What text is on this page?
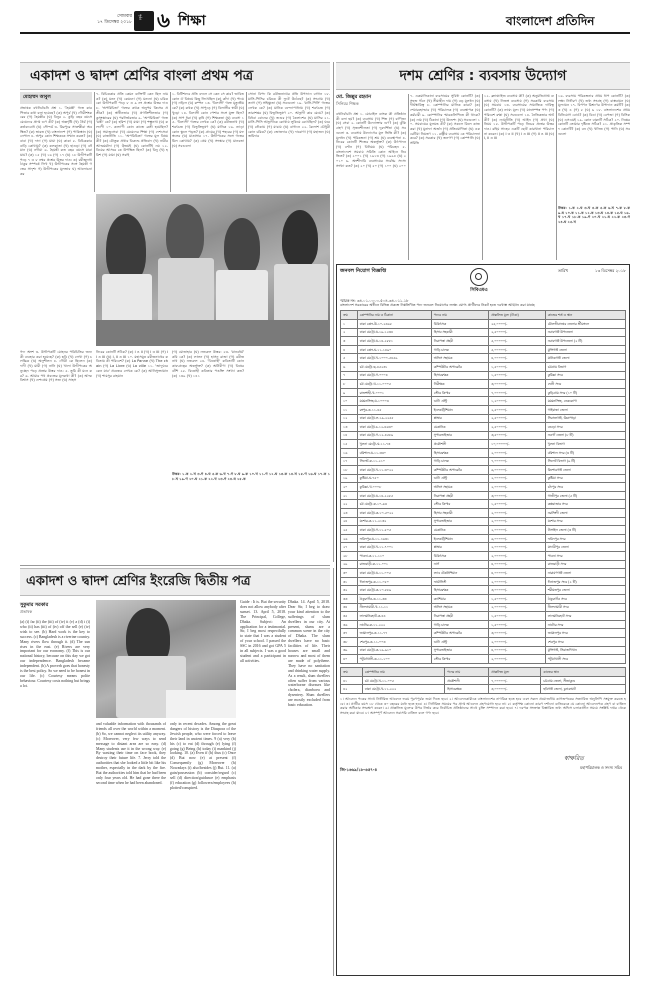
সোমবার
১৭ ডিসেম্বর ২০১৮
পৃষ্ঠা ৬ শিক্ষা	বাংলাদেশ প্রতিদিন
একাদশ ও দ্বাদশ শ্রেণির বাংলা প্রথম পত্র
মোহাম্মদ আবুল
প্রভাষক বহুনির্বাচনি প্রশ্ন ১. 'হৈমন্তী' গল্পে কার পিতার কথা বলা হয়েছে? (ক) অপুর্ব (খ) গৌরীশংকরের (গ) হৈমন্তীর (ঘ) বিনুর ২. কুড়ি বছর বয়সে মেয়েদের প্রাপ্ত গুণ কী? (ক) অন্তর্দৃষ্টি (খ) ধৈর্য (গ) কর্তব্যবোধ (ঘ) সৌন্দর্য ৩. মিরপুরে সাতক্ষীরা অবস্থিত? (ক) ভারত (খ) বাংলাদেশ (গ) পাকিস্তান (ঘ) নেপাল ৪. অপুর কোন শিক্ষককে সম্মান করত? (ক) বাবা (খ) দাদা (গ) মামা (ঘ) কাকা ৫. বিচিত্রকার বাড়ি কোথায়? (ক) কলকাতা (খ) হাওড়া (গ) বর্ধমান (ঘ) নদীয়া ৬. হৈমন্তী কত বছর বয়সে মারা যায়? (ক) ১৫ (খ) ১৬ (গ) ১৭ (ঘ) ১৮ উদ্দীপকটি পড়ে ৭ ও ৮ নম্বর প্রশ্নের উত্তর দাও: ক) রবীন্দ্রনাথ ঠাকুর সম্পর্কে লিখ খ) উদ্দীপকের সঙ্গে হৈমন্তী গল্পের সাদৃশ্য গ) উদ্দীপকের মূলভাব ঘ) আলোচনা কর
৭. বিচিত্রকার প্রতি কেমন ব্যক্তিটি কেন ছিল নামক? (ক) মনন (খ) কেমনো (গ) মননো (ঘ) চরিত্রকো উদ্দীপকটি পড়ে ৮ ও ৯ নং প্রশ্নের উত্তর দাও ৮. 'অপরিচিতা' গল্পের কথক অনুপম কিসের প্রতীক? (ক) স্বাধীনতার (খ) প্রগতিশীলতার (গ) কুসংস্কারের (ঘ) পরনির্ভরতার ৯. 'অপরিচিতা' গল্পে 'মন্ত্রী' কে? (ক) হরিশ (খ) মামা (গ) শম্ভুনাথ (ঘ) কল্যাণী ১০. কল্যাণী কোন কাজে ব্রতী হয়েছিল? (ক) সমাজসেবা (খ) মেয়েদের শিক্ষা (গ) দেশসেবা (ঘ) রাজনীতি ১১. 'অপরিচিতা' গল্পের মূল বিষয় কী? (ক) যৌতুক প্রথার বিরুদ্ধে প্রতিবাদ (খ) নারীর আত্মমর্যাদা (গ) উভয়ই (ঘ) কোনটিই নয় ১২. বিয়ের আসরে কে উপস্থিত ছিল? (ক) বিনু (খ) হরিশ (গ) মামা (ঘ) সবাই
১. বিটিশদের প্রতি বদলে সে কেন সে কার? ভাবিত কোন ঐ বিষয়ে কিছু লিখেছিল (ক) কাঁদা (খ) পায়ে (গ) নড়িল (ঘ) কম্পন ১৩. 'বিলাসী' গল্পে মৃত্যুঞ্জয় কে? (ক) কথক (খ) সাপুড়ে (গ) বিলাসীর স্বামী (ঘ) খুড়ো ১৪. বিলাসী কোন পেশার সঙ্গে যুক্ত ছিল? (ক) সাপ ধরা (খ) কৃষি (গ) শিক্ষকতা (ঘ) ব্যবসা ১৫. 'বিলাসী' গল্পের লেখক কে? (ক) রবীন্দ্রনাথ (খ) শরৎচন্দ্র (গ) বিভূতিভূষণ (ঘ) মানিক ১৬. ন্যাড়া কোন স্কুলে পড়ত? (ক) গ্রামের (খ) শহরের (গ) মফস্বলের (ঘ) মাদ্রাসার ১৭. উদ্দীপকের সঙ্গে গল্পের মিল কোথায়? (ক) প্রেম (খ) সংস্কার (গ) মানবতা (ঘ) সবগুলো
সোনা বিপদ কি রবীন্দ্রনাথের প্রতি উপাদান বাগান ১৮. মাসি-পিসির চরিত্রে কী ফুটে উঠেছে? (ক) সংগ্রাম (খ) ত্যাগ (গ) সহিষ্ণুতা (ঘ) সবগুলো ১৯. 'মাসি-পিসি' গল্পের লেখক কে? (ক) মানিক বন্দ্যোপাধ্যায় (খ) শরৎচন্দ্র (গ) তারাশঙ্কর (ঘ) বিভূতিভূষণ ২০. আহ্লাদী কার মেয়ে? (ক) বিধবা বোনের (খ) জগুর (গ) কৈলাশের (ঘ) মাসির ২১. মাসি-পিসি আহ্লাদীকে কোথায় লুকিয়ে রেখেছিল? (ক) ঘরে (খ) নৌকায় (গ) মাচায় (ঘ) বাগানে ২২. কৈলাশ চৌধুরী কোন চরিত্র? (ক) জোতদার (খ) দারোগা (গ) মহাজন (ঘ) জমিদার
গদ্য অংশ ৩. উদ্দীপকটি মোহনর পরিচিতির জন্য কী ব্যবহার করা হয়েছে? (ক) ছবি (খ) লেখা (গ) চলচ্চিত্র (ঘ) অনুশীলন ৪. গৌরী কে ছিলেন (ক) দাদী (খ) মামী (গ) নানি (ঘ) খালা উদ্দীপকের অনুচ্ছেদ পড়ে প্রশ্নের উত্তর দাও: ৫. তুমি কী মনে কর? ৬. আমার পথ প্রবন্ধের মূলকথা কী? (ক) আত্মবিশ্বাস (খ) দেশপ্রেম (গ) সত্য (ঘ) সাহস
নিচের কোনটি সঠিক? (ক) i ও ii (খ) i ও iii (গ) ii ও iii (ঘ) i, ii ও iii ১০. মহাসমুদ্র রবীন্দ্রনাথের কবিতায় কী পরিবেশ? (ক) La Panne (খ) The chain (গ) La Livre (ঘ) La ville ১১. 'জাদুঘরে কেন যাব' প্রবন্ধের লেখক কে? (ক) আনিসুজ্জামান (খ) শামসুর রাহমান
(গ) মোতাহার (ঘ) নজরুল উত্তর: ২৩. 'মানবধর্ম' কবি কে? (ক) লালন (খ) হাসন রাজা (গ) রবীন্দ্রনাথ (ঘ) নজরুল ২৪. 'বিদ্রোহী' কবিতাটি কোন কাব্যগ্রন্থের অন্তর্ভুক্ত? (ক) অগ্নিবীণা (খ) বিষের বাঁশি ২৫. বিদ্রোহী কবিতার পঙক্তি সংখ্যা কত? (ক) ১৩৯ (খ) ১৪১
উত্তর: ১.ক ২.খ ৩.গ ৪.ঘ ৫.ক ৬.খ ৭.গ ৮.ঘ ৯.ক ১০.খ ১১.গ ১২.ঘ ১৩.ক ১৪.খ ১৫.গ ১৬.ঘ ১৭.ক ১৮.খ ১৯.গ ২০.ঘ ২১.ক ২২.খ ২৩.গ ২৪.ঘ ২৫.ক
একাদশ ও দ্বাদশ শ্রেণির ইংরেজি দ্বিতীয় পত্র
সুকুমার সরকার
প্রভাষক
(a) (i) far (ii) the (iii) of (iv) it (v) a (d) i (i) who (ii) has (iii) of (iv) off the sell (e) (iv) wish to see. (b) Hard work is the key to success. (c) Bangladesh is a riverine country. Many rivers flow through it. (d) The sun rises in the east. (e) Rivers are very important for our economy. (f) This is our national history, because on this day we got our independence. Bangladesh became independent. (b) A proverb goes that honesty is the best policy. So we need to be honest in our life. (c) Courtesy means polite behaviour. Courtesy costs nothing but brings a lot.
and valuable information with thousands of friends all over the world within a moment. (b) So, we cannot neglect its utility anyway. (c) Moreover, very few ways to send message to distant area are so easy. (d) Many students use it in the wrong way. (e) By wasting their time on face book, they destroy their future life. 7. Jerry told the authorities that she looked a little bit like his mother, especially in the dark by the fire. But the authorities told him that he had been only four years old. He had gone there the second time when he had been abandoned.
only in recent decades. Among the great dangers of history is the Diaspora of the Jewish people, who were forced to leave their land in ancient times. 9 (a) very (b) his (c) to eat (d) through (e) lying (f) going (g) Being (h) today (i) mankind (j) looking. 10. (a) Even if (b) thus (c) Once (d) But now (e) at present (f) Consequently (g) Moreover (h) Nowadays (i) also/besides (j) But. 11. (a) gain/possession (b) consider/regard (c) sell (d) direction/guidance (e) emphasis (f) education (g) followers/employees (h) plotted/conspired.
Guide : It is. But the security does not allow anybody after sunset. 13. April 5, 2018. The Principal, College, Dhaka. Subject: An application for a testimonial. Sir, I beg most respectfully to state that I was a student of your school. I passed the SSC in 2016 and got GPA 5 in all subjects. I was a good student and a participant in all activities.
Dhaka. 14. April 5, 2018. Dear Sir, I beg to draw your kind attention to the sufferings of slum dwellers in our city. At present, slums are a common scene in the city of Dhaka. The slum dwellers have no basic facilities of life. Their houses are small and narrow and most of them are made of polythene. They have no sanitation and drinking water supply. As a result, slum dwellers often suffer from various waterborne diseases like cholera, diarrhoea and dysentery. Slum dwellers are mostly excluded from basic education.
দশম শ্রেণির : ব্যবসায় উদ্যোগ
মো. জিল্লুর রহমান
সিনিয়র শিক্ষক
বহুনির্বাচনি প্রশ্ন ১. মোবাইল ব্যাংক কী প্রতিষ্ঠান কী বলা হয়? (ক) ব্যবসায় (খ) শিল্প (গ) বাণিজ্য (ঘ) সেবা ২. কোনটি উদ্যোক্তার গুণ? (ক) ঝুঁকি গ্রহণ (খ) সৃজনশীলতা (গ) দূরদর্শিতা (ঘ) সবগুলো ৩. ব্যবসায় উদ্যোগের মূল ভিত্তি কী? (ক) মূলধন (খ) পরিকল্পনা (গ) শ্রম (ঘ) ব্যবস্থাপনা ৪. নিচের কোনটি শিল্পের অন্তর্ভুক্ত? (ক) উৎপাদন (খ) বণ্টন (গ) বিনিময় (ঘ) পরিবহন ৫. বাংলাদেশে সমবায় সমিতি কোন আইনে নিবন্ধিত? (ক) ২০০১ (খ) ১৯১৩ (গ) ১৯৯৪ (ঘ) ২০১০ ৬. অংশীদারি ব্যবসায়ের সর্বোচ্চ সদস্য সংখ্যা কত? (ক) ২০ (খ) ৫০ (গ) ১০০ (ঘ) ২০০
৭. একমালিকানা ব্যবসায়ের সুবিধা কোনটি? (ক) সহজ গঠন (খ) সীমাহীন দায় (গ) বড় মূলধন (ঘ) দীর্ঘস্থায়িত্ব ৮. কোম্পানির মালিক কারা? (ক) শেয়ারহোল্ডার (খ) পরিচালক (গ) ব্যবস্থাপক (ঘ) কর্মচারী ৯. কোম্পানির স্মারকলিপিতে কী থাকে? (ক) নাম (খ) ঠিকানা (গ) উদ্দেশ্য (ঘ) সবগুলো ১০. সমবায়ের মূলমন্ত্র কী? (ক) সকলে মিলে কাজ করা (খ) মুনাফা অর্জন (গ) প্রতিযোগিতা (ঘ) একচেটিয়া নিয়ন্ত্রণ ১১. রাষ্ট্রীয় ব্যবসায় কে পরিচালনা করে? (ক) সরকার (খ) জনগণ (গ) কোম্পানি (ঘ) সমিতি
১২. ফ্র্যাঞ্চাইজ ব্যবসায় কী? (ক) অনুমতিপ্রাপ্ত ব্যবসায় (খ) নিজস্ব ব্যবসায় (গ) সরকারি ব্যবসায় (ঘ) সমবায় ১৩. ব্যবসায়ের সামাজিক দায়িত্ব কোনটি? (ক) ন্যায্য মূল্য (খ) মানসম্পন্ন পণ্য (গ) পরিবেশ রক্ষা (ঘ) সবগুলো ১৪. নৈতিকতার অর্থ কী? (ক) ন্যায়নীতি (খ) আইন (গ) প্রথা (ঘ) নিয়ম ১৫. উদ্দীপকটি পড়ে নিচের প্রশ্নের উত্তর দাও। রহিম সাহেব একটি ছোট কারখানা পরিচালনা করেন। (ক) i ও ii (খ) i ও iii (গ) ii ও iii (ঘ) i, ii ও iii
১৬. ব্যবসায় পরিকল্পনার প্রথম ধাপ কোনটি? (ক) লক্ষ্য নির্ধারণ (খ) তথ্য সংগ্রহ (গ) বাস্তবায়ন (ঘ) মূল্যায়ন ১৭. বিপণন মিশ্রণের উপাদান কয়টি? (ক) ৩ (খ) ৪ (গ) ৫ (ঘ) ৬ ১৮. বাংলাদেশের প্রথম বিনিয়োগ বোর্ড? (ক) বিডা (খ) বেপজা (গ) বিসিক (ঘ) এসএমই ১৯. কোন বাক্যটি সঠিক? ২০. নিম্নের কোনটি তোমার দৃষ্টিতে সঠিক? ২১. প্রাকৃতিক সম্পদ কোনটি? (ক) বন (খ) খনিজ (গ) পানি (ঘ) সবগুলো
উত্তর: ১.ক ২.ঘ ৩.খ ৪.ক ৫.ক ৬.খ ৭.ক ৮.ক ৯.ঘ ১০.ক ১১.ক ১২.ক ১৩.ঘ ১৪.ক ১৫.ঘ ১৬.খ ১৭.খ ১৮.ক ১৯.গ ২০.খ ২১.ঘ ২২.ক ২৩.গ ২৪.ঘ ২৫.খ
সিবিএমএ
জনবল নিয়োগ বিজ্ঞপ্তি	তারিখ	১৩ ডিসেম্বর ২০১৮
স্মারক নং: ৩৪.০১.০০০০.৫০৪.৩৪.০১১.১৮
বাংলাদেশ সরকারের অধীনে বিভিন্ন প্রকল্পে নিম্নলিখিত পদে জনবল নিয়োগের লক্ষ্যে যোগ্য প্রার্থীদের নিকট হতে দরখাস্ত আহ্বান করা যাচ্ছে
ক্রম	কোম্পানির নাম ও ঠিকানা	পদের নাম	প্রাক্কলিত মূল্য (টাকা)	কাজের শর্ত ও স্থান
১	ঢাকা কোং-উ-১০-২৪৬৫	চিকিৎসক	২৫,০০০০/-	মৌলভীবাজার জেলার শ্রীমঙ্গলে
২	ঢাকা মেট্রো-ঘ-১৯-১২৩৪	হিসাব সহকারী	২,৫০০০০/-	নবাবগঞ্জ উপজেলা
৩	ঢাকা মেট্রো-ঘ-১৪-২৮৮১	নিরাপত্তা প্রহরী	৫,০০০০০/-	নবাবগঞ্জ উপজেলা (২ টি)
৪	ঢাকা কোং-ঘ-১১-১৪৯০	গাড়ি চালক	৫,০০০০০/-	মুন্সিগঞ্জ জেলা
৫	ঢাকা মেট্রো-খ-১০০০-৫৪৫৯	অফিস সহায়ক	৪,০০০০০/-	মানিকগঞ্জ জেলা
৬	চট্ট মেট্রো-ছ-৪৫২৩১	কম্পিউটার অপারেটর	১,৫০০০০/-	চট্টগ্রাম বিভাগ
৭	ঢাকা মেট্রো-গ-০০০৪	হিসাবরক্ষক	১,৫০০০০/-	কুমিল্লা সদর
৮	চট্ট মেট্রো-থ-১১-০০০৫	নিরীক্ষক	৩,০০০০০/-	ফেনী সদর
৯	রাজশাহী-খ-০০০১	স্টোর কিপার	৭,০০০০০/-	কুড়িগ্রাম সদর (১০ টি)
১০	ময়মনসিংহ-ঘ-১০০০৩	ডাটা এন্ট্রি	১,২০০০০/-	ময়মনসিংহ, নেত্রকোণা
১১	রংপুর-ক-১১-৪৫	ইলেকট্রিশিয়ান	২,৫০০০০/-	গাইবান্ধা জেলা
১২	ঢাকা মেট্রো-ল-১৯-২২৫৫	প্লাম্বার	২,৫০০০০/-	সিরাজগঞ্জ, উল্লাপাড়া
১৩	ঢাকা মেট্রো-চ-১২-৪৬৩০	মেকানিক	২,৫০০০০/-	বগুড়া সদর
১৪	ঢাকা মেট্রো-গ-১২-৪৫৮৯	সুপারভাইজার	৩,৫০০০০/-	নওগাঁ জেলা (৮ টি)
১৫	খুলনা মেট্রো-ঘ-১১-৭৩	প্রকৌশলী	১০,০০০০০/-	খুলনা বিভাগ
১৬	বরিশাল-ঘ-১১-৩৩০	হিসাবরক্ষক	২,০০০০০/-	বরিশাল সদর (৩ টি)
১৭	সিলেট-ক-১১-২১০	গাড়ি চালক	৭,০০০০০/-	সিলেট বিভাগ (৯ টি)
১৮	ঢাকা মেট্রো-খ-১১-৩০২২	কম্পিউটার অপারেটর	৬,০০০০০/-	কিশোরগঞ্জ জেলা
১৯	কুষ্টিয়া-ঘ-৭৫০	ডাটা এন্ট্রি	২,০০০০০/-	কুষ্টিয়া সদর
২০	কুমিল্লা-খ-০০০৮	অফিস সহায়ক	২,০০০০০/-	চাঁদপুর সদর
২১	ঢাকা মেট্রো-ঘ-১৪-২২৮৫	নিরাপত্তা প্রহরী	৩,০০০০০/-	গাজীপুর জেলা (৫ টি)
২২	চট্ট মেট্রো-ক-১০-৯৩	স্টোর কিপার	১,৫০০০০/-	কক্সবাজার সদর
২৩	ঢাকা মেট্রো-ক-১০-৫০২২	হিসাব সহকারী	২,০০০০০/-	নরসিংদী জেলা
২৪	যশোর-ক-১১-২১৩২	সুপারভাইজার	২,০০০০০/-	যশোর সদর
২৫	ঢাকা মেট্রো-গ-১১-৫০৫	মেকানিক	২,০০০০০/-	টাঙ্গাইল জেলা (৩ টি)
২৬	ফরিদপুর-ঘ-১১-১৬৩১	ইলেকট্রিশিয়ান	৬,০০০০০/-	ফরিদপুর সদর
২৭	ঢাকা মেট্রো-খ-১১-৭০০১	প্লাম্বার	২,০০০০০/-	মাদারীপুর জেলা
২৮	পাবনা-ক-১১-১১০	চিকিৎসক	২,০০০০০/-	পাবনা সদর
২৯	রাজবাড়ী-ক-১১-০০১	নার্স	৪,০০০০০/-	রাজবাড়ী সদর
৩০	ঢাকা মেট্রো-ঘ-১১-০০৫	ল্যাব টেকনিশিয়ান	৪,০০০০০/-	নারায়ণগঞ্জ জেলা
৩১	দিনাজপুর-ক-১১-০৫০	ফার্মাসিস্ট	২,০০০০০/-	দিনাজপুর সদর (২ টি)
৩২	ঢাকা মেট্রো-ক-১০-৮৮৯	হিসাবরক্ষক	৩,০০০০০/-	শরীয়তপুর জেলা
৩৩	ঠাকুরগাঁও-ক-১১-৩৩	ক্যাশিয়ার	১,৫০০০০/-	ঠাকুরগাঁও সদর
৩৪	নীলফামারী-খ-১১-১১	অফিস সহায়ক	২,০০০০০/-	নীলফামারী সদর
৩৫	লালমনিরহাট-ক-৪৪	নিরাপত্তা প্রহরী	১,৫০০০০/-	লালমনিরহাট সদর
৩৬	নাটোর-ক-১১-২২২	গাড়ি চালক	১,৫০০০০/-	নাটোর সদর
৩৭	জামালপুর-ক-১১-৭৭	কম্পিউটার অপারেটর	৩,০০০০০/-	জামালপুর সদর
৩৮	শেরপুর-ক-১১-০০৩	ডাটা এন্ট্রি	২,০০০০০/-	শেরপুর সদর
৩৯	ঢাকা মেট্রো-ক-১৯-৯১০	সুপারভাইজার	৪,০০০০০/-	মুন্সিগঞ্জ, সিরাজদিখান
৪০	পটুয়াখালী-ক-১১-১০০	স্টোর কিপার	২,০০০০০/-	পটুয়াখালী সদর
ক্রম	কোম্পানির নাম	পদের নাম	প্রাক্কলিত মূল্য	কাজের স্থান
৪১	চট্ট মেট্রো-খ-১১-০০৫	প্রকৌশলী	৭,০০০০০/-	চট্টগ্রাম জেলা, সীতাকুণ্ড
৪২	ঢাকা মেট্রো-খ-১১-২২২	হিসাবরক্ষক	৩,০০০০০/-	হবিগঞ্জ জেলা, চুনারুঘাট
১। আবেদন পত্রের সাথে নির্ধারিত আবেদন ফরম পূরণপূর্বক জমা দিতে হবে। ২। আবেদনকারীকে বাংলাদেশের নাগরিক হতে হবে এবং সকল প্রয়োজনীয় কাগজপত্রের সত্যায়িত অনুলিপি সংযুক্ত করতে হবে। ৩। প্রার্থীর বয়স ১৮ থেকে ৩০ বছরের মধ্যে হতে হবে। ৪। নির্ধারিত সময়ের পর প্রাপ্ত আবেদন গ্রহণযোগ্য হবে না। ৫। কর্তৃপক্ষ কোনো কারণ দর্শানো ব্যতিরেকে যে কোনো আবেদনপত্র গ্রহণ বা বাতিল করার অধিকার সংরক্ষণ করেন। ৬। প্রাক্কলিত মূল্যের উপর নির্ভর করে নির্বাচিত প্রতিষ্ঠানের সাথে চুক্তি সম্পাদন করা হবে। ৭। দরপত্র সংক্রান্ত বিস্তারিত তথ্য অফিস চলাকালীন সময়ে সংশ্লিষ্ট দপ্তর থেকে সংগ্রহ করা যাবে। ৮। অসম্পূর্ণ আবেদন সরাসরি বাতিল বলে গণ্য হবে।
স্বাক্ষরিত
মহাপরিচালক ও সদস্য সচিব
জি-১৬৬৯/১৮-৬৫৭-৪
